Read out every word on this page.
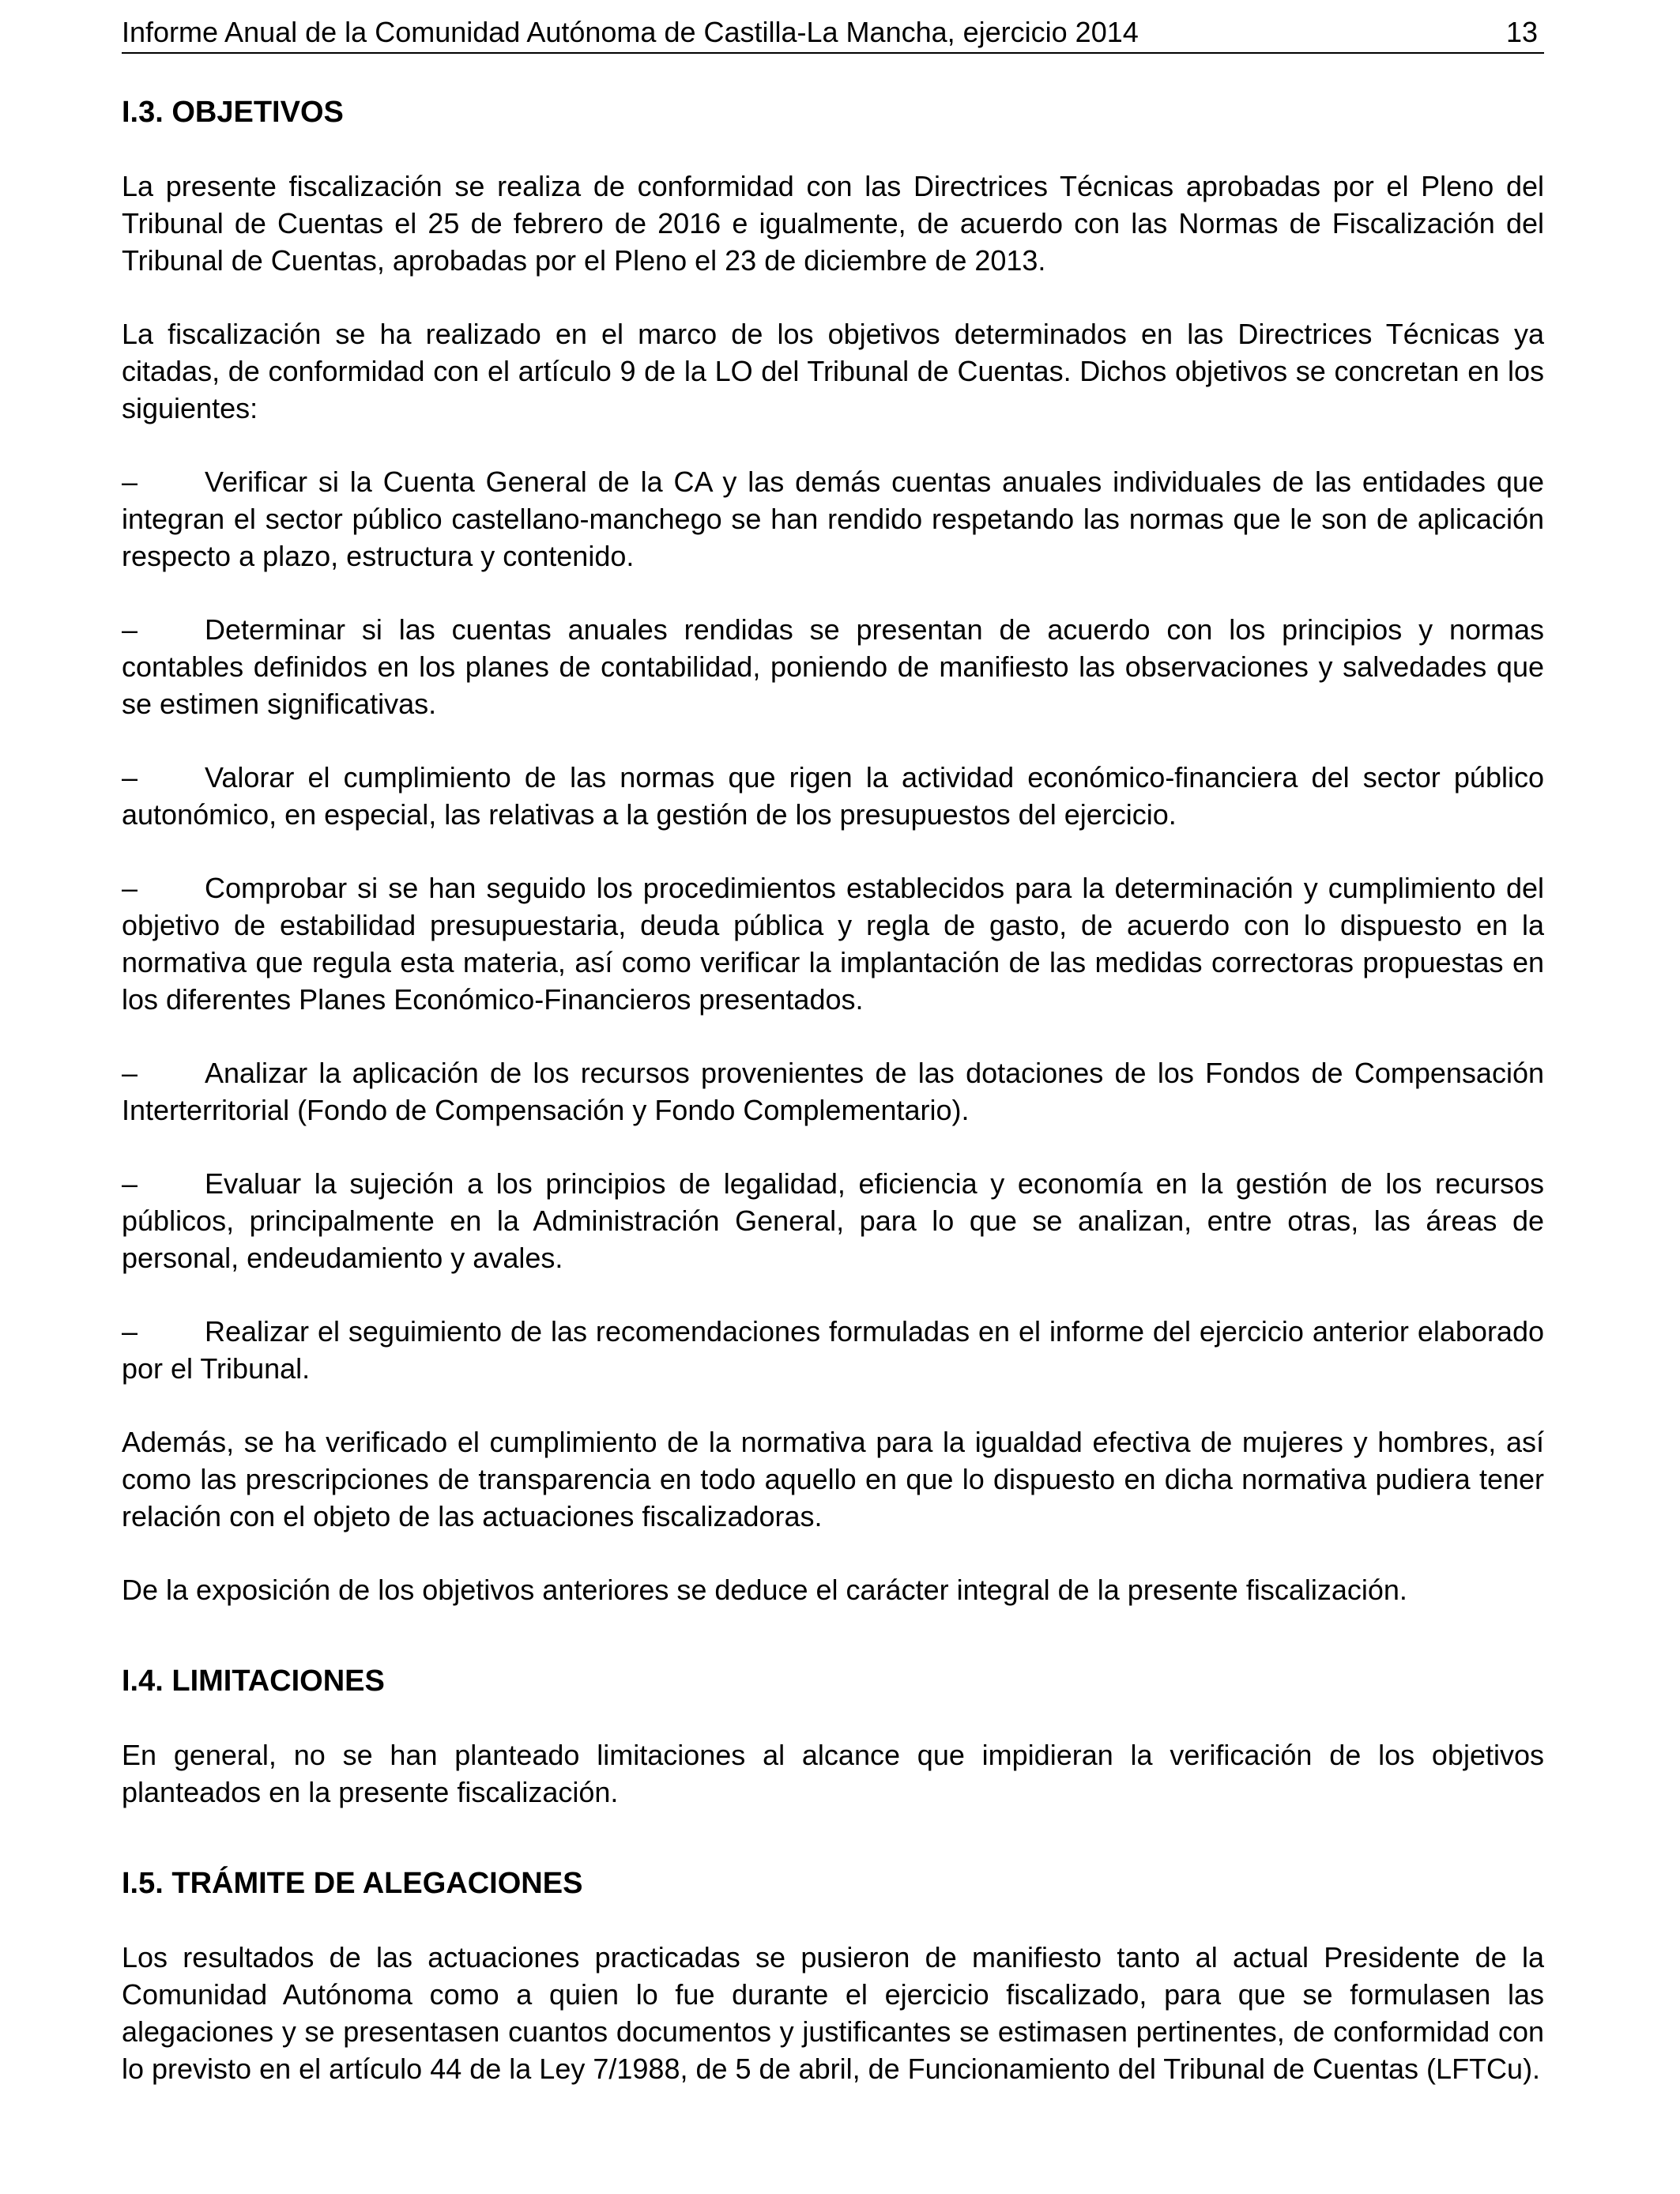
Informe Anual de la Comunidad Autónoma de Castilla-La Mancha, ejercicio 2014	13
I.3. OBJETIVOS

La presente fiscalización se realiza de conformidad con las Directrices Técnicas aprobadas por el Pleno del Tribunal de Cuentas el 25 de febrero de 2016 e igualmente, de acuerdo con las Normas de Fiscalización del Tribunal de Cuentas, aprobadas por el Pleno el 23 de diciembre de 2013.

La fiscalización se ha realizado en el marco de los objetivos determinados en las Directrices Técnicas ya citadas, de conformidad con el artículo 9 de la LO del Tribunal de Cuentas. Dichos objetivos se concretan en los siguientes:

– Verificar si la Cuenta General de la CA y las demás cuentas anuales individuales de las entidades que integran el sector público castellano-manchego se han rendido respetando las normas que le son de aplicación respecto a plazo, estructura y contenido.

– Determinar si las cuentas anuales rendidas se presentan de acuerdo con los principios y normas contables definidos en los planes de contabilidad, poniendo de manifiesto las observaciones y salvedades que se estimen significativas.

– Valorar el cumplimiento de las normas que rigen la actividad económico-financiera del sector público autonómico, en especial, las relativas a la gestión de los presupuestos del ejercicio.

– Comprobar si se han seguido los procedimientos establecidos para la determinación y cumplimiento del objetivo de estabilidad presupuestaria, deuda pública y regla de gasto, de acuerdo con lo dispuesto en la normativa que regula esta materia, así como verificar la implantación de las medidas correctoras propuestas en los diferentes Planes Económico-Financieros presentados.

– Analizar la aplicación de los recursos provenientes de las dotaciones de los Fondos de Compensación Interterritorial (Fondo de Compensación y Fondo Complementario).

– Evaluar la sujeción a los principios de legalidad, eficiencia y economía en la gestión de los recursos públicos, principalmente en la Administración General, para lo que se analizan, entre otras, las áreas de personal, endeudamiento y avales.

– Realizar el seguimiento de las recomendaciones formuladas en el informe del ejercicio anterior elaborado por el Tribunal.

Además, se ha verificado el cumplimiento de la normativa para la igualdad efectiva de mujeres y hombres, así como las prescripciones de transparencia en todo aquello en que lo dispuesto en dicha normativa pudiera tener relación con el objeto de las actuaciones fiscalizadoras.

De la exposición de los objetivos anteriores se deduce el carácter integral de la presente fiscalización.

I.4. LIMITACIONES

En general, no se han planteado limitaciones al alcance que impidieran la verificación de los objetivos planteados en la presente fiscalización.

I.5. TRÁMITE DE ALEGACIONES

Los resultados de las actuaciones practicadas se pusieron de manifiesto tanto al actual Presidente de la Comunidad Autónoma como a quien lo fue durante el ejercicio fiscalizado, para que se formulasen las alegaciones y se presentasen cuantos documentos y justificantes se estimasen pertinentes, de conformidad con lo previsto en el artículo 44 de la Ley 7/1988, de 5 de abril, de Funcionamiento del Tribunal de Cuentas (LFTCu).
